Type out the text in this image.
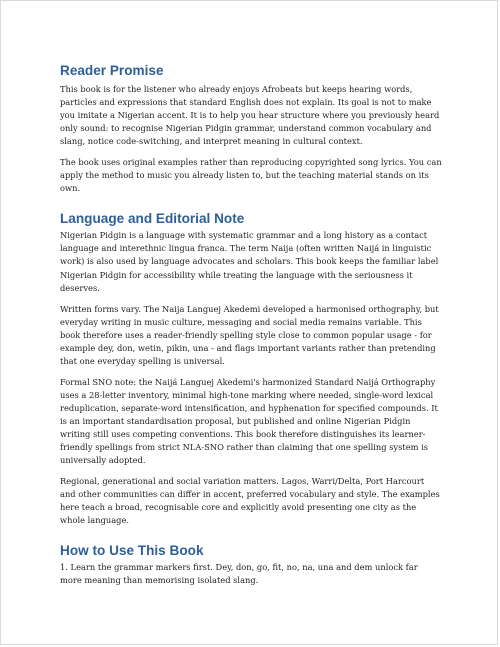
Reader Promise

This book is for the listener who already enjoys Afrobeats but keeps hearing words, particles and expressions that standard English does not explain. Its goal is not to make you imitate a Nigerian accent. It is to help you hear structure where you previously heard only sound: to recognise Nigerian Pidgin grammar, understand common vocabulary and slang, notice code-switching, and interpret meaning in cultural context.

The book uses original examples rather than reproducing copyrighted song lyrics. You can apply the method to music you already listen to, but the teaching material stands on its own.

Language and Editorial Note

Nigerian Pidgin is a language with systematic grammar and a long history as a contact language and interethnic lingua franca. The term Naija (often written Naijá in linguistic work) is also used by language advocates and scholars. This book keeps the familiar label Nigerian Pidgin for accessibility while treating the language with the seriousness it deserves.

Written forms vary. The Naija Languej Akedemi developed a harmonised orthography, but everyday writing in music culture, messaging and social media remains variable. This book therefore uses a reader-friendly spelling style close to common popular usage - for example dey, don, wetin, pikin, una - and flags important variants rather than pretending that one everyday spelling is universal.

Formal SNO note: the Naijá Languej Akedemi's harmonized Standard Naijá Orthography uses a 28-letter inventory, minimal high-tone marking where needed, single-word lexical reduplication, separate-word intensification, and hyphenation for specified compounds. It is an important standardisation proposal, but published and online Nigerian Pidgin writing still uses competing conventions. This book therefore distinguishes its learner-friendly spellings from strict NLA-SNO rather than claiming that one spelling system is universally adopted.

Regional, generational and social variation matters. Lagos, Warri/Delta, Port Harcourt and other communities can differ in accent, preferred vocabulary and style. The examples here teach a broad, recognisable core and explicitly avoid presenting one city as the whole language.

How to Use This Book

1. Learn the grammar markers first. Dey, don, go, fit, no, na, una and dem unlock far more meaning than memorising isolated slang.
